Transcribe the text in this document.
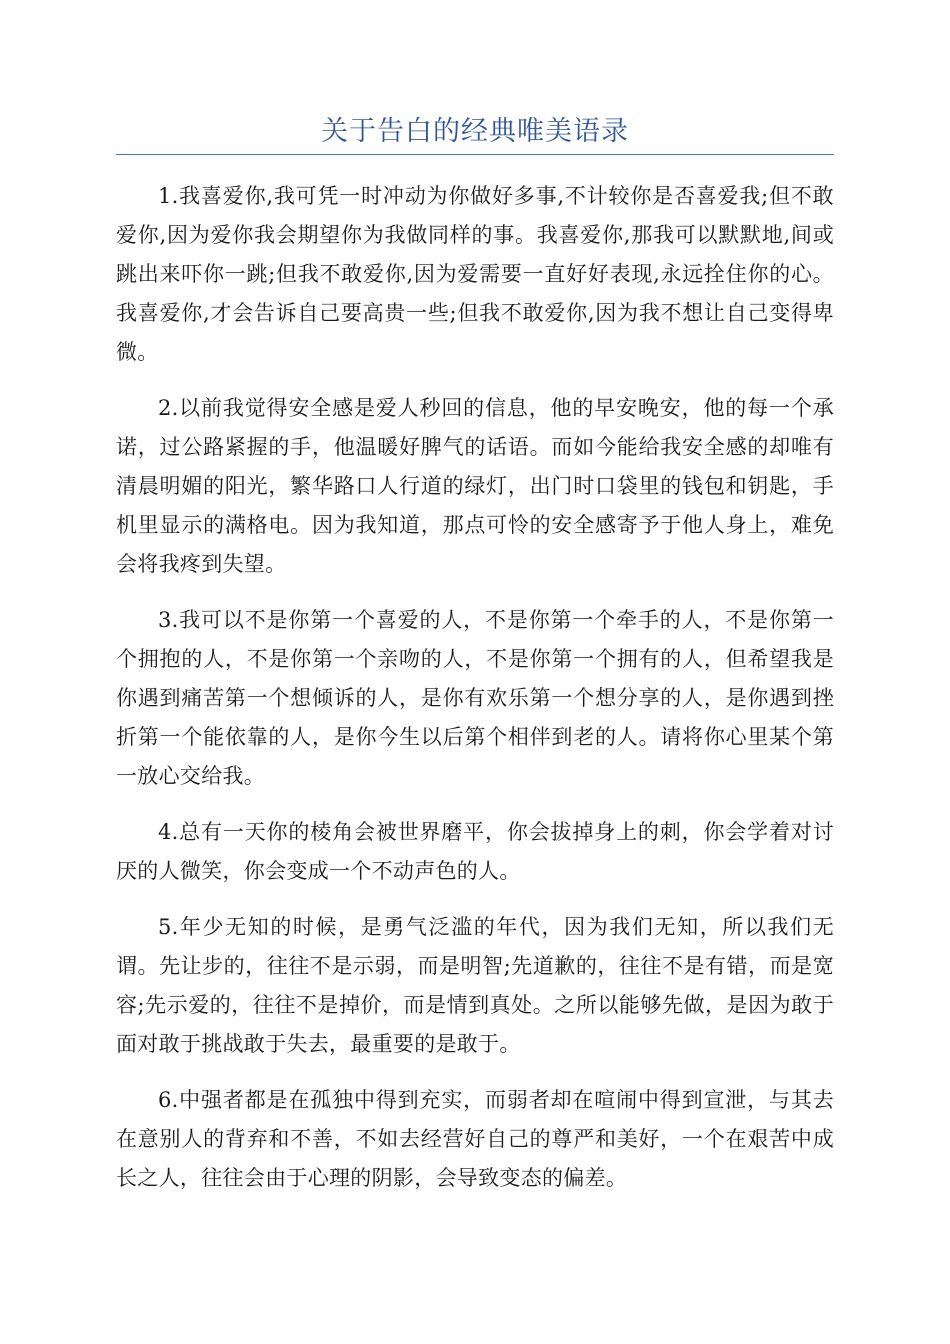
关于告白的经典唯美语录

1.我喜爱你,我可凭一时冲动为你做好多事,不计较你是否喜爱我;但不敢爱你,因为爱你我会期望你为我做同样的事。我喜爱你,那我可以默默地,间或跳出来吓你一跳;但我不敢爱你,因为爱需要一直好好表现,永远拴住你的心。我喜爱你,才会告诉自己要高贵一些;但我不敢爱你,因为我不想让自己变得卑微。

2.以前我觉得安全感是爱人秒回的信息，他的早安晚安，他的每一个承诺，过公路紧握的手，他温暖好脾气的话语。而如今能给我安全感的却唯有清晨明媚的阳光，繁华路口人行道的绿灯，出门时口袋里的钱包和钥匙，手机里显示的满格电。因为我知道，那点可怜的安全感寄予于他人身上，难免会将我疼到失望。

3.我可以不是你第一个喜爱的人，不是你第一个牵手的人，不是你第一个拥抱的人，不是你第一个亲吻的人，不是你第一个拥有的人，但希望我是你遇到痛苦第一个想倾诉的人，是你有欢乐第一个想分享的人，是你遇到挫折第一个能依靠的人，是你今生以后第个相伴到老的人。请将你心里某个第一放心交给我。

4.总有一天你的棱角会被世界磨平，你会拔掉身上的刺，你会学着对讨厌的人微笑，你会变成一个不动声色的人。

5.年少无知的时候，是勇气泛滥的年代，因为我们无知，所以我们无谓。先让步的，往往不是示弱，而是明智;先道歉的，往往不是有错，而是宽容;先示爱的，往往不是掉价，而是情到真处。之所以能够先做，是因为敢于面对敢于挑战敢于失去，最重要的是敢于。

6.中强者都是在孤独中得到充实，而弱者却在喧闹中得到宣泄，与其去在意别人的背弃和不善，不如去经营好自己的尊严和美好，一个在艰苦中成长之人，往往会由于心理的阴影，会导致变态的偏差。
